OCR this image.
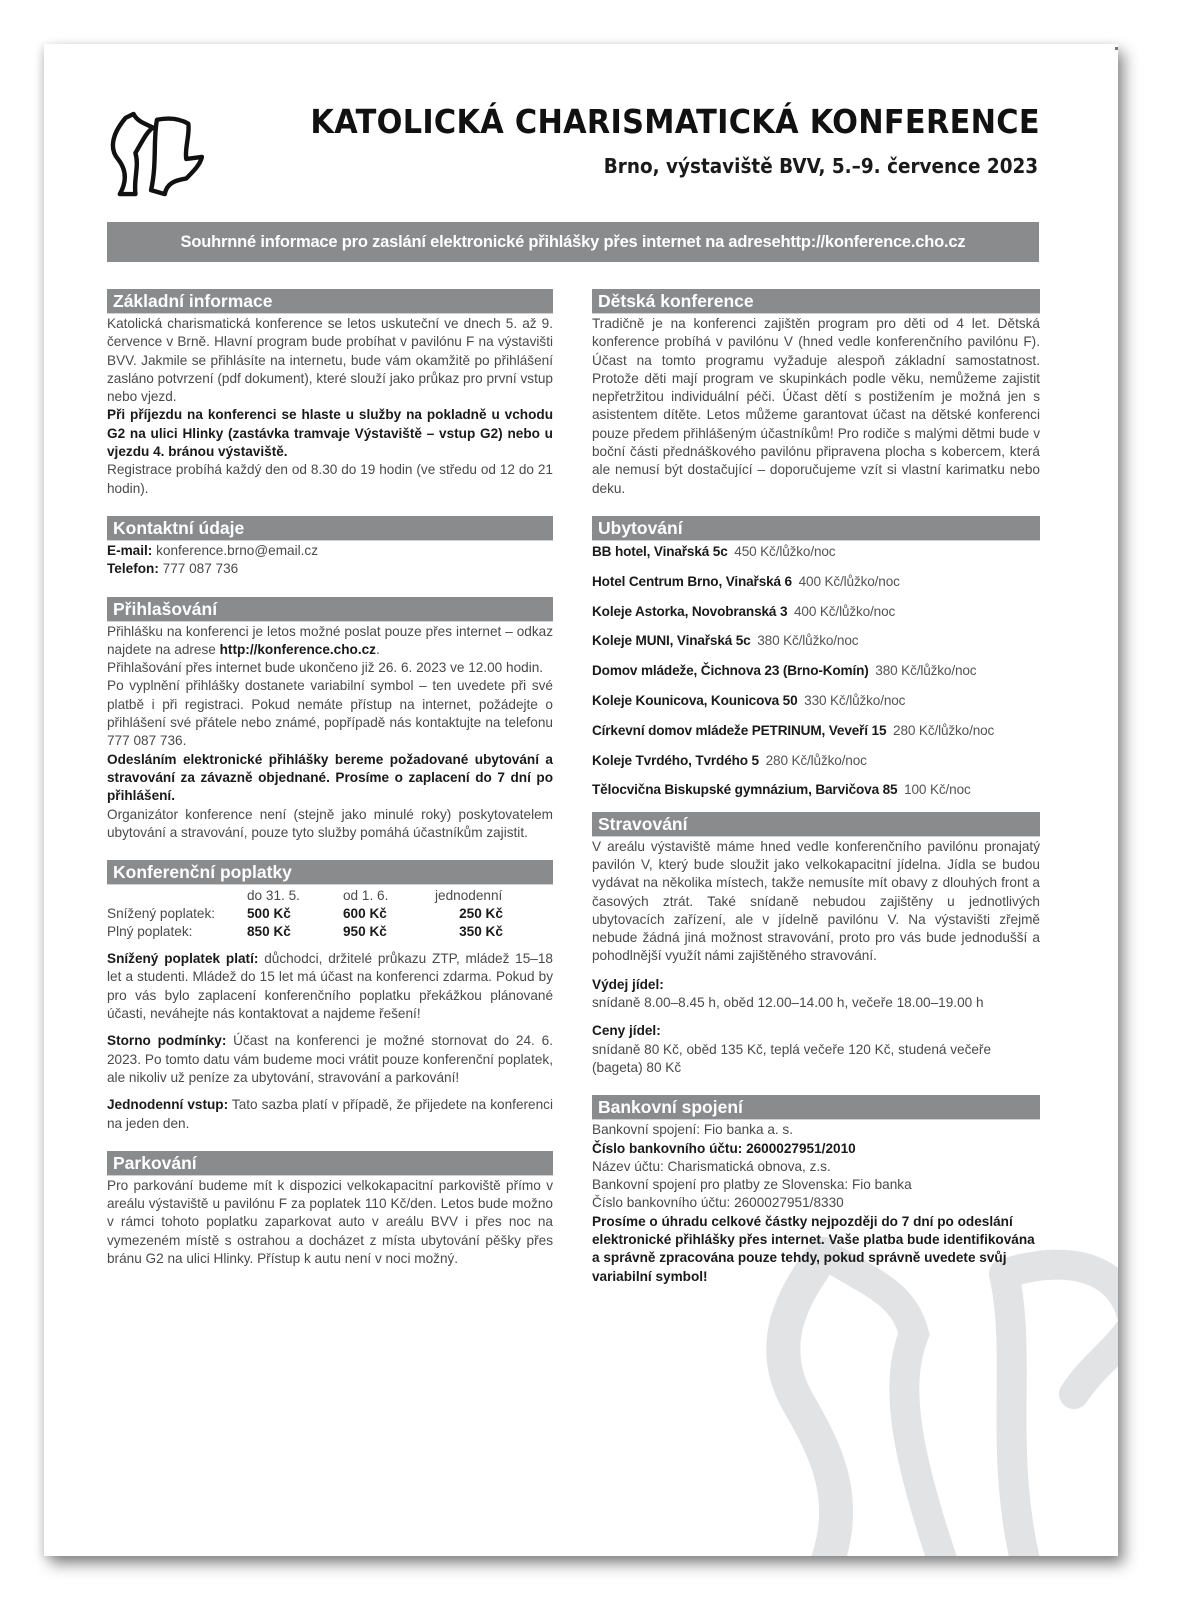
KATOLICKÁ CHARISMATICKÁ KONFERENCE
Brno, výstaviště BVV, 5.–9. července 2023
Souhrnné informace pro zaslání elektronické přihlášky přes internet na adrese http://konference.cho.cz
Základní informace

Katolická charismatická konference se letos uskuteční ve dnech 5. až 9. července v Brně. Hlavní program bude probíhat v pavilónu F na výstavišti BVV. Jakmile se přihlásíte na internetu, bude vám okamžitě po přihlášení zasláno potvrzení (pdf dokument), které slouží jako průkaz pro první vstup nebo vjezd.

Při příjezdu na konferenci se hlaste u služby na pokladně u vchodu G2 na ulici Hlinky (zastávka tramvaje Výstaviště – vstup G2) nebo u vjezdu 4. bránou výstaviště.

Registrace probíhá každý den od 8.30 do 19 hodin (ve středu od 12 do 21 hodin).

Kontaktní údaje

E-mail: konference.brno@email.cz

Telefon: 777 087 736

Přihlašování

Přihlášku na konferenci je letos možné poslat pouze přes internet – odkaz najdete na adrese http://konference.cho.cz.

Přihlašování přes internet bude ukončeno již 26. 6. 2023 ve 12.00 hodin.

Po vyplnění přihlášky dostanete variabilní symbol – ten uvedete při své platbě i při registraci. Pokud nemáte přístup na internet, požádejte o přihlášení své přátele nebo známé, popřípadě nás kontaktujte na telefonu 777 087 736.

Odesláním elektronické přihlášky bereme požadované ubytování a stravování za závazně objednané. Prosíme o zaplacení do 7 dní po přihlášení.

Organizátor konference není (stejně jako minulé roky) poskytovatelem ubytování a stravování, pouze tyto služby pomáhá účastníkům zajistit.

Konferenční poplatky
	do 31. 5.	od 1. 6.	jednodenní
Snížený poplatek:	500 Kč	600 Kč	250 Kč
Plný poplatek:	850 Kč	950 Kč	350 Kč

Snížený poplatek platí: důchodci, držitelé průkazu ZTP, mládež 15–18 let a studenti. Mládež do 15 let má účast na konferenci zdarma. Pokud by pro vás bylo zaplacení konferenčního poplatku překážkou plánované účasti, neváhejte nás kontaktovat a najdeme řešení!

Storno podmínky: Účast na konferenci je možné stornovat do 24. 6. 2023. Po tomto datu vám budeme moci vrátit pouze konferenční poplatek, ale nikoliv už peníze za ubytování, stravování a parkování!

Jednodenní vstup: Tato sazba platí v případě, že přijedete na konferenci na jeden den.

Parkování

Pro parkování budeme mít k dispozici velkokapacitní parkoviště přímo v areálu výstaviště u pavilónu F za poplatek 110 Kč/den. Letos bude možno v rámci tohoto poplatku zaparkovat auto v areálu BVV i přes noc na vymezeném místě s ostrahou a docházet z místa ubytování pěšky přes bránu G2 na ulici Hlinky. Přístup k autu není v noci možný.

Dětská konference

Tradičně je na konferenci zajištěn program pro děti od 4 let. Dětská konference probíhá v pavilónu V (hned vedle konferenčního pavilónu F). Účast na tomto programu vyžaduje alespoň základní samostatnost. Protože děti mají program ve skupinkách podle věku, nemůžeme zajistit nepřetržitou individuální péči. Účast dětí s postižením je možná jen s asistentem dítěte. Letos můžeme garantovat účast na dětské konferenci pouze předem přihlášeným účastníkům! Pro rodiče s malými dětmi bude v boční části přednáškového pavilónu připravena plocha s kobercem, která ale nemusí být dostačující – doporučujeme vzít si vlastní karimatku nebo deku.

Ubytování
BB hotel, Vinařská 5c  450 Kč/lůžko/noc
Hotel Centrum Brno, Vinařská 6  400 Kč/lůžko/noc
Koleje Astorka, Novobranská 3  400 Kč/lůžko/noc
Koleje MUNI, Vinařská 5c  380 Kč/lůžko/noc
Domov mládeže, Čichnova 23 (Brno-Komín)  380 Kč/lůžko/noc
Koleje Kounicova, Kounicova 50  330 Kč/lůžko/noc
Církevní domov mládeže PETRINUM, Veveří 15  280 Kč/lůžko/noc
Koleje Tvrdého, Tvrdého 5  280 Kč/lůžko/noc
Tělocvična Biskupské gymnázium, Barvičova 85  100 Kč/noc
Stravování

V areálu výstaviště máme hned vedle konferenčního pavilónu pronajatý pavilón V, který bude sloužit jako velkokapacitní jídelna. Jídla se budou vydávat na několika místech, takže nemusíte mít obavy z dlouhých front a časových ztrát. Také snídaně nebudou zajištěny u jednotlivých ubytovacích zařízení, ale v jídelně pavilónu V. Na výstavišti zřejmě nebude žádná jiná možnost stravování, proto pro vás bude jednodušší a pohodlnější využít námi zajištěného stravování.

Výdej jídel:

snídaně 8.00–8.45 h, oběd 12.00–14.00 h, večeře 18.00–19.00 h

Ceny jídel:

snídaně 80 Kč, oběd 135 Kč, teplá večeře 120 Kč, studená večeře (bageta) 80 Kč

Bankovní spojení

Bankovní spojení: Fio banka a. s.

Číslo bankovního účtu: 2600027951/2010

Název účtu: Charismatická obnova, z.s.

Bankovní spojení pro platby ze Slovenska: Fio banka

Číslo bankovního účtu: 2600027951/8330

Prosíme o úhradu celkové částky nejpozději do 7 dní po odeslání elektronické přihlášky přes internet. Vaše platba bude identifikována a správně zpracována pouze tehdy, pokud správně uvedete svůj variabilní symbol!
